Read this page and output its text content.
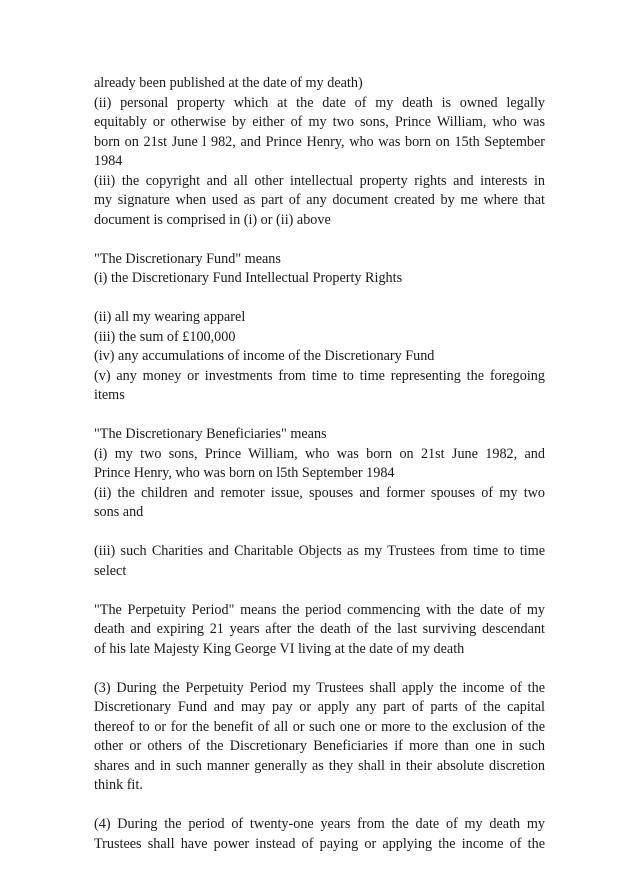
already been published at the date of my death)
(ii) personal property which at the date of my death is owned legally
equitably or otherwise by either of my two sons, Prince William, who was
born on 21st June l 982, and Prince Henry, who was born on 15th September
1984
(iii) the copyright and all other intellectual property rights and interests in
my signature when used as part of any document created by me where that
document is comprised in (i) or (ii) above

"The Discretionary Fund" means
(i) the Discretionary Fund Intellectual Property Rights

(ii) all my wearing apparel
(iii) the sum of £100,000
(iv) any accumulations of income of the Discretionary Fund
(v) any money or investments from time to time representing the foregoing
items

"The Discretionary Beneficiaries" means
(i) my two sons, Prince William, who was born on 21st June 1982, and
Prince Henry, who was born on l5th September 1984
(ii) the children and remoter issue, spouses and former spouses of my two
sons and

(iii) such Charities and Charitable Objects as my Trustees from time to time
select

"The Perpetuity Period" means the period commencing with the date of my
death and expiring 21 years after the death of the last surviving descendant
of his late Majesty King George VI living at the date of my death

(3) During the Perpetuity Period my Trustees shall apply the income of the
Discretionary Fund and may pay or apply any part of parts of the capital
thereof to or for the benefit of all or such one or more to the exclusion of the
other or others of the Discretionary Beneficiaries if more than one in such
shares and in such manner generally as they shall in their absolute discretion
think fit.

(4) During the period of twenty-one years from the date of my death my
Trustees shall have power instead of paying or applying the income of the
